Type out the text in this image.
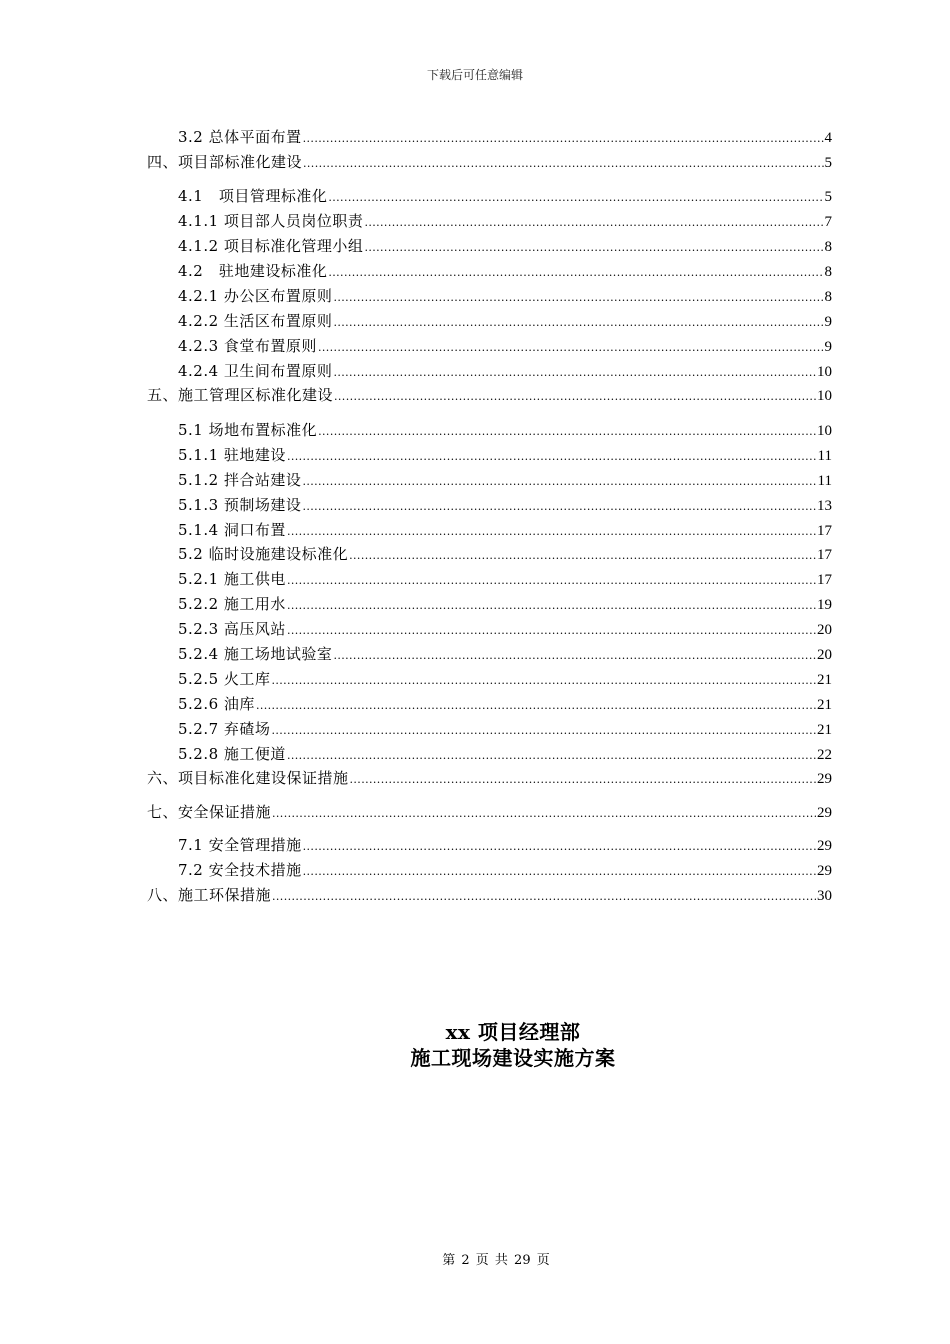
下载后可任意编辑
3.2 总体平面布置 .....	4
四、项目部标准化建设 .....	5
4.1　项目管理标准化 .....	5
4.1.1 项目部人员岗位职责 .....	7
4.1.2 项目标准化管理小组 .....	8
4.2　驻地建设标准化 .....	8
4.2.1 办公区布置原则 .....	8
4.2.2 生活区布置原则 .....	9
4.2.3 食堂布置原则 .....	9
4.2.4 卫生间布置原则 .....	10
五、施工管理区标准化建设 .....	10
5.1 场地布置标准化 .....	10
5.1.1 驻地建设 .....	11
5.1.2 拌合站建设 .....	11
5.1.3 预制场建设 .....	13
5.1.4 洞口布置 .....	17
5.2 临时设施建设标准化 .....	17
5.2.1 施工供电 .....	17
5.2.2 施工用水 .....	19
5.2.3 高压风站 .....	20
5.2.4 施工场地试验室 .....	20
5.2.5 火工库 .....	21
5.2.6 油库 .....	21
5.2.7 弃碴场 .....	21
5.2.8 施工便道 .....	22
六、项目标准化建设保证措施 .....	29
七、安全保证措施 .....	29
7.1 安全管理措施 .....	29
7.2 安全技术措施 .....	29
八、施工环保措施 .....	30
xx 项目经理部
施工现场建设实施方案
第 2 页 共 29 页
